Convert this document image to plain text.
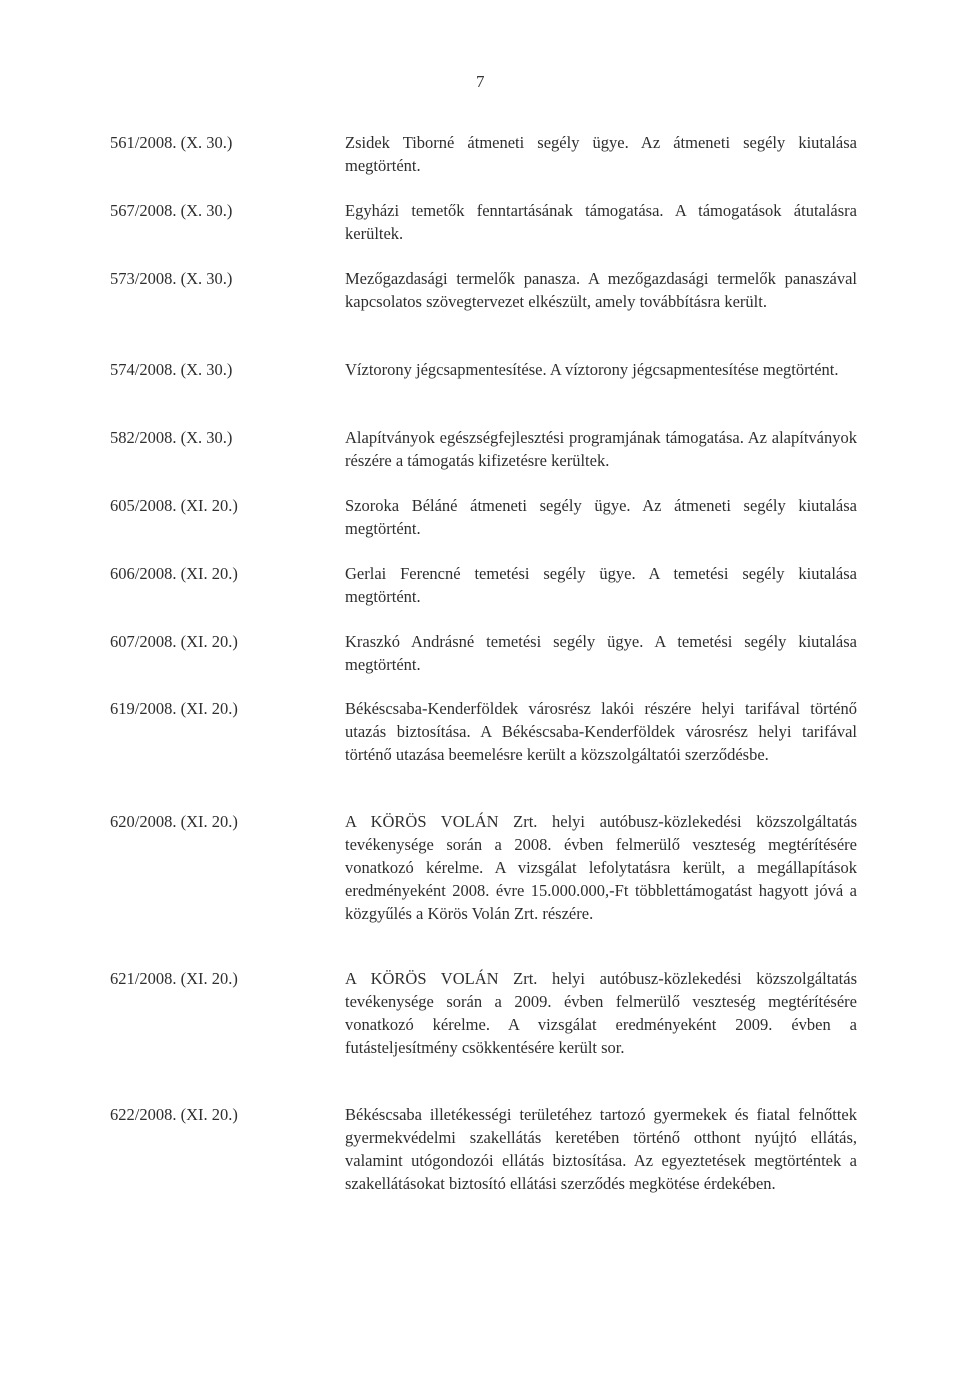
7
561/2008. (X. 30.)	Zsidek Tiborné átmeneti segély ügye. Az átmeneti segély kiutalása megtörtént.
567/2008. (X. 30.)	Egyházi temetők fenntartásának támogatása. A támogatások átutalásra kerültek.
573/2008. (X. 30.)	Mezőgazdasági termelők panasza. A mezőgazdasági termelők panaszával kapcsolatos szövegtervezet elkészült, amely továbbításra került.
574/2008. (X. 30.)	Víztorony jégcsapmentesítése. A víztorony jégcsapmentesítése megtörtént.
582/2008. (X. 30.)	Alapítványok egészségfejlesztési programjának támogatása. Az alapítványok részére a támogatás kifizetésre kerültek.
605/2008. (XI. 20.)	Szoroka Béláné átmeneti segély ügye. Az átmeneti segély kiutalása megtörtént.
606/2008. (XI. 20.)	Gerlai Ferencné temetési segély ügye. A temetési segély kiutalása megtörtént.
607/2008. (XI. 20.)	Kraszkó Andrásné temetési segély ügye. A temetési segély kiutalása megtörtént.
619/2008. (XI. 20.)	Békéscsaba-Kenderföldek városrész lakói részére helyi tarifával történő utazás biztosítása. A Békéscsaba-Kenderföldek városrész helyi tarifával történő utazása beemelésre került a közszolgáltatói szerződésbe.
620/2008. (XI. 20.)	A KÖRÖS VOLÁN Zrt. helyi autóbusz-közlekedési közszolgáltatás tevékenysége során a 2008. évben felmerülő veszteség megtérítésére vonatkozó kérelme. A vizsgálat lefolytatásra került, a megállapítások eredményeként 2008. évre 15.000.000,-Ft többlettámogatást hagyott jóvá a közgyűlés a Körös Volán Zrt. részére.
621/2008. (XI. 20.)	A KÖRÖS VOLÁN Zrt. helyi autóbusz-közlekedési közszolgáltatás tevékenysége során a 2009. évben felmerülő veszteség megtérítésére vonatkozó kérelme. A vizsgálat eredményeként 2009. évben a futásteljesítmény csökkentésére került sor.
622/2008. (XI. 20.)	Békéscsaba illetékességi területéhez tartozó gyermekek és fiatal felnőttek gyermekvédelmi szakellátás keretében történő otthont nyújtó ellátás, valamint utógondozói ellátás biztosítása. Az egyeztetések megtörténtek a szakellátásokat biztosító ellátási szerződés megkötése érdekében.
